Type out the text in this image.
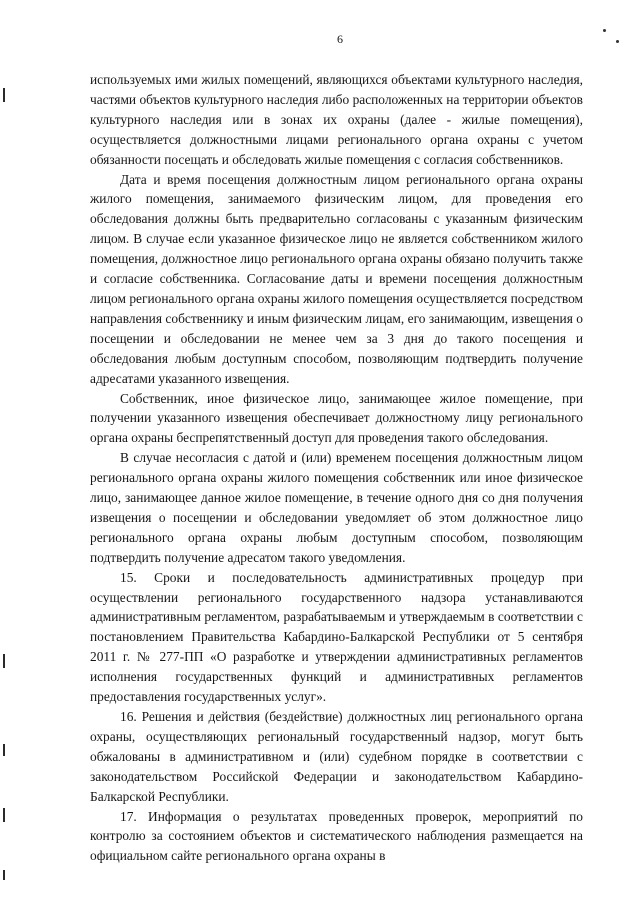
6

используемых ими жилых помещений, являющихся объектами культурного наследия, частями объектов культурного наследия либо расположенных на территории объектов культурного наследия или в зонах их охраны (далее - жилые помещения), осуществляется должностными лицами регионального органа охраны с учетом обязанности посещать и обследовать жилые помещения с согласия собственников.

Дата и время посещения должностным лицом регионального органа охраны жилого помещения, занимаемого физическим лицом, для проведения его обследования должны быть предварительно согласованы с указанным физическим лицом. В случае если указанное физическое лицо не является собственником жилого помещения, должностное лицо регионального органа охраны обязано получить также и согласие собственника. Согласование даты и времени посещения должностным лицом регионального органа охраны жилого помещения осуществляется посредством направления собственнику и иным физическим лицам, его занимающим, извещения о посещении и обследовании не менее чем за 3 дня до такого посещения и обследования любым доступным способом, позволяющим подтвердить получение адресатами указанного извещения.

Собственник, иное физическое лицо, занимающее жилое помещение, при получении указанного извещения обеспечивает должностному лицу регионального органа охраны беспрепятственный доступ для проведения такого обследования.

В случае несогласия с датой и (или) временем посещения должностным лицом регионального органа охраны жилого помещения собственник или иное физическое лицо, занимающее данное жилое помещение, в течение одного дня со дня получения извещения о посещении и обследовании уведомляет об этом должностное лицо регионального органа охраны любым доступным способом, позволяющим подтвердить получение адресатом такого уведомления.

15. Сроки и последовательность административных процедур при осуществлении регионального государственного надзора устанавливаются административным регламентом, разрабатываемым и утверждаемым в соответствии с постановлением Правительства Кабардино-Балкарской Республики от 5 сентября 2011 г. № 277-ПП «О разработке и утверждении административных регламентов исполнения государственных функций и административных регламентов предоставления государственных услуг».

16. Решения и действия (бездействие) должностных лиц регионального органа охраны, осуществляющих региональный государственный надзор, могут быть обжалованы в административном и (или) судебном порядке в соответствии с законодательством Российской Федерации и законодательством Кабардино-Балкарской Республики.

17. Информация о результатах проведенных проверок, мероприятий по контролю за состоянием объектов и систематического наблюдения размещается на официальном сайте регионального органа охраны в
